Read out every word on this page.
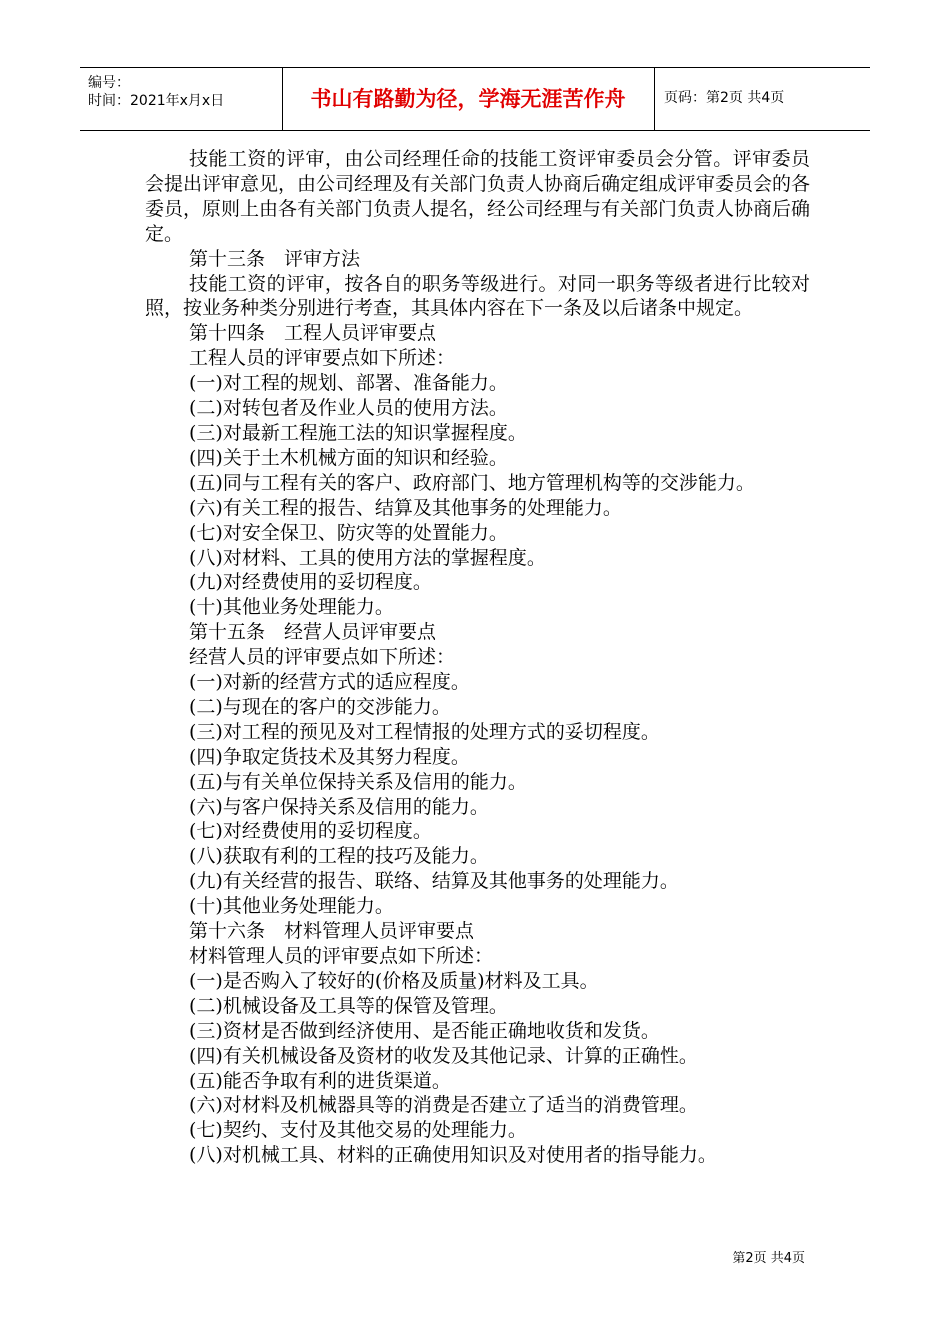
编号：
时间：2021年x月x日	书山有路勤为径，学海无涯苦作舟	页码：第2页 共4页

技能工资的评审，由公司经理任命的技能工资评审委员会分管。评审委员会提出评审意见，由公司经理及有关部门负责人协商后确定组成评审委员会的各委员，原则上由各有关部门负责人提名，经公司经理与有关部门负责人协商后确定。

第十三条　评审方法

技能工资的评审，按各自的职务等级进行。对同一职务等级者进行比较对照，按业务种类分别进行考查，其具体内容在下一条及以后诸条中规定。

第十四条　工程人员评审要点

工程人员的评审要点如下所述：

(一)对工程的规划、部署、准备能力。

(二)对转包者及作业人员的使用方法。

(三)对最新工程施工法的知识掌握程度。

(四)关于土木机械方面的知识和经验。

(五)同与工程有关的客户、政府部门、地方管理机构等的交涉能力。

(六)有关工程的报告、结算及其他事务的处理能力。

(七)对安全保卫、防灾等的处置能力。

(八)对材料、工具的使用方法的掌握程度。

(九)对经费使用的妥切程度。

(十)其他业务处理能力。

第十五条　经营人员评审要点

经营人员的评审要点如下所述：

(一)对新的经营方式的适应程度。

(二)与现在的客户的交涉能力。

(三)对工程的预见及对工程情报的处理方式的妥切程度。

(四)争取定货技术及其努力程度。

(五)与有关单位保持关系及信用的能力。

(六)与客户保持关系及信用的能力。

(七)对经费使用的妥切程度。

(八)获取有利的工程的技巧及能力。

(九)有关经营的报告、联络、结算及其他事务的处理能力。

(十)其他业务处理能力。

第十六条　材料管理人员评审要点

材料管理人员的评审要点如下所述：

(一)是否购入了较好的(价格及质量)材料及工具。

(二)机械设备及工具等的保管及管理。

(三)资材是否做到经济使用、是否能正确地收货和发货。

(四)有关机械设备及资材的收发及其他记录、计算的正确性。

(五)能否争取有利的进货渠道。

(六)对材料及机械器具等的消费是否建立了适当的消费管理。

(七)契约、支付及其他交易的处理能力。

(八)对机械工具、材料的正确使用知识及对使用者的指导能力。

第2页 共4页
